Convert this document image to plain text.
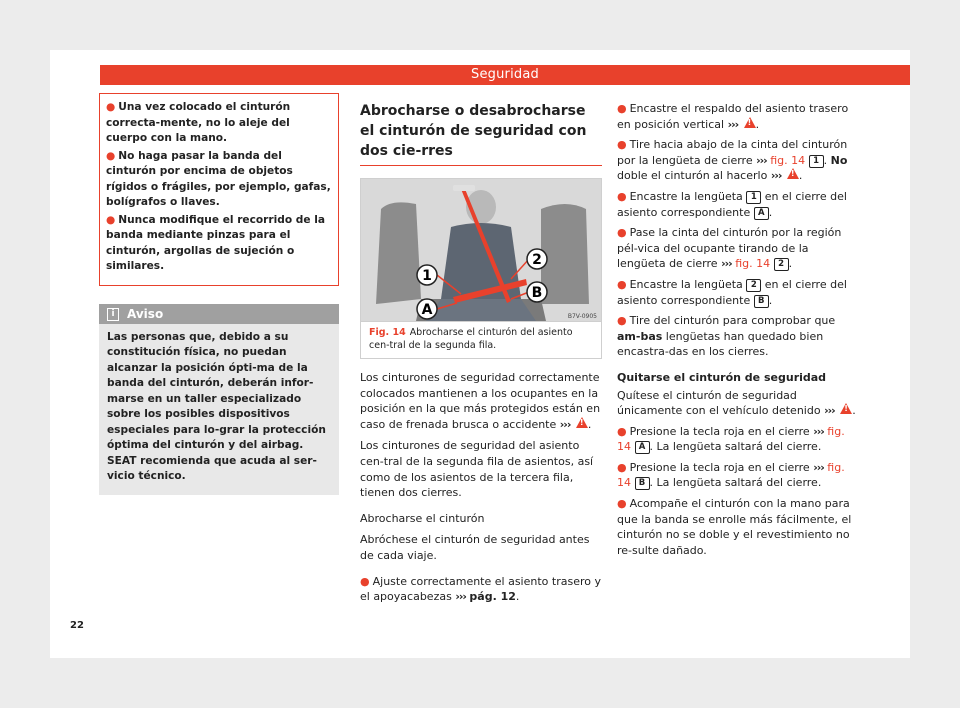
Seguridad

● Una vez colocado el cinturón correcta-mente, no lo aleje del cuerpo con la mano.

● No haga pasar la banda del cinturón por encima de objetos rígidos o frágiles, por ejemplo, gafas, bolígrafos o llaves.

● Nunca modifique el recorrido de la banda mediante pinzas para el cinturón, argollas de sujeción o similares.

i Aviso
Las personas que, debido a su constitución física, no puedan alcanzar la posición ópti-ma de la banda del cinturón, deberán infor-marse en un taller especializado sobre los posibles dispositivos especiales para lo-grar la protección óptima del cinturón y del airbag. SEAT recomienda que acuda al ser-vicio técnico.
Abrocharse o desabrocharse el cinturón de seguridad con dos cie-rres
1
2
A
B
B7V-0905
Fig. 14 Abrocharse el cinturón del asiento cen-tral de la segunda fila.

Los cinturones de seguridad correctamente colocados mantienen a los ocupantes en la posición en la que más protegidos están en caso de frenada brusca o accidente ››› ! .

Los cinturones de seguridad del asiento cen-tral de la segunda fila de asientos, así como de los asientos de la tercera fila, tienen dos cierres.

Abrocharse el cinturón

Abróchese el cinturón de seguridad antes de cada viaje.

● Ajuste correctamente el asiento trasero y el apoyacabezas ››› pág. 12.

● Encastre el respaldo del asiento trasero en posición vertical ››› ! .

● Tire hacia abajo de la cinta del cinturón por la lengüeta de cierre ››› fig. 14 1 . No doble el cinturón al hacerlo ››› ! .

● Encastre la lengüeta 1 en el cierre del asiento correspondiente A .

● Pase la cinta del cinturón por la región pél-vica del ocupante tirando de la lengüeta de cierre ››› fig. 14 2 .

● Encastre la lengüeta 2 en el cierre del asiento correspondiente B .

● Tire del cinturón para comprobar que am-bas lengüetas han quedado bien encastra-das en los cierres.

Quitarse el cinturón de seguridad

Quítese el cinturón de seguridad únicamente con el vehículo detenido ››› ! .

● Presione la tecla roja en el cierre ››› fig. 14 A . La lengüeta saltará del cierre.

● Presione la tecla roja en el cierre ››› fig. 14 B . La lengüeta saltará del cierre.

● Acompañe el cinturón con la mano para que la banda se enrolle más fácilmente, el cinturón no se doble y el revestimiento no re-sulte dañado.

22
